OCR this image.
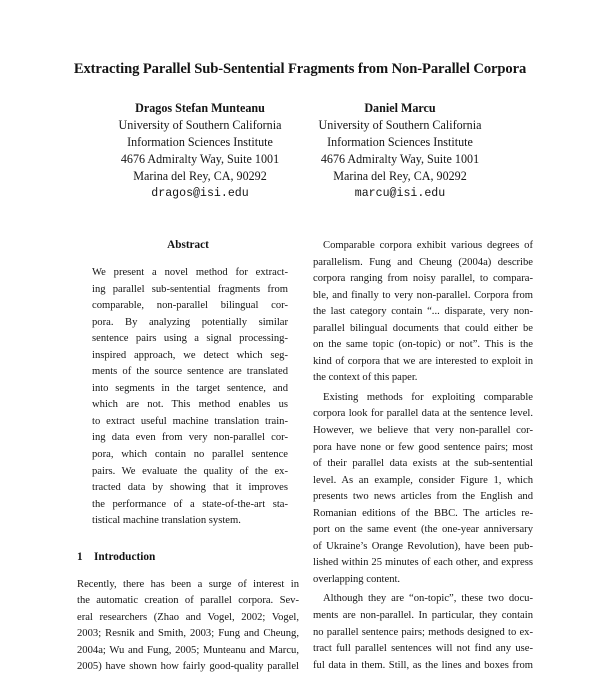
Extracting Parallel Sub-Sentential Fragments from Non-Parallel Corpora
Dragos Stefan Munteanu
University of Southern California
Information Sciences Institute
4676 Admiralty Way, Suite 1001
Marina del Rey, CA, 90292
dragos@isi.edu
Daniel Marcu
University of Southern California
Information Sciences Institute
4676 Admiralty Way, Suite 1001
Marina del Rey, CA, 90292
marcu@isi.edu
Abstract
We present a novel method for extract-
ing parallel sub-sentential fragments from
comparable, non-parallel bilingual cor-
pora. By analyzing potentially similar
sentence pairs using a signal processing-
inspired approach, we detect which seg-
ments of the source sentence are translated
into segments in the target sentence, and
which are not. This method enables us
to extract useful machine translation train-
ing data even from very non-parallel cor-
pora, which contain no parallel sentence
pairs. We evaluate the quality of the ex-
tracted data by showing that it improves
the performance of a state-of-the-art sta-
tistical machine translation system.
1 Introduction
Recently, there has been a surge of interest in
the automatic creation of parallel corpora. Sev-
eral researchers (Zhao and Vogel, 2002; Vogel,
2003; Resnik and Smith, 2003; Fung and Cheung,
2004a; Wu and Fung, 2005; Munteanu and Marcu,
2005) have shown how fairly good-quality parallel
Comparable corpora exhibit various degrees of
parallelism. Fung and Cheung (2004a) describe
corpora ranging from noisy parallel, to compara-
ble, and finally to very non-parallel. Corpora from
the last category contain “... disparate, very non-
parallel bilingual documents that could either be
on the same topic (on-topic) or not”. This is the
kind of corpora that we are interested to exploit in
the context of this paper.
Existing methods for exploiting comparable
corpora look for parallel data at the sentence level.
However, we believe that very non-parallel cor-
pora have none or few good sentence pairs; most
of their parallel data exists at the sub-sentential
level. As an example, consider Figure 1, which
presents two news articles from the English and
Romanian editions of the BBC. The articles re-
port on the same event (the one-year anniversary
of Ukraine’s Orange Revolution), have been pub-
lished within 25 minutes of each other, and express
overlapping content.
Although they are “on-topic”, these two docu-
ments are non-parallel. In particular, they contain
no parallel sentence pairs; methods designed to ex-
tract full parallel sentences will not find any use-
ful data in them. Still, as the lines and boxes from
